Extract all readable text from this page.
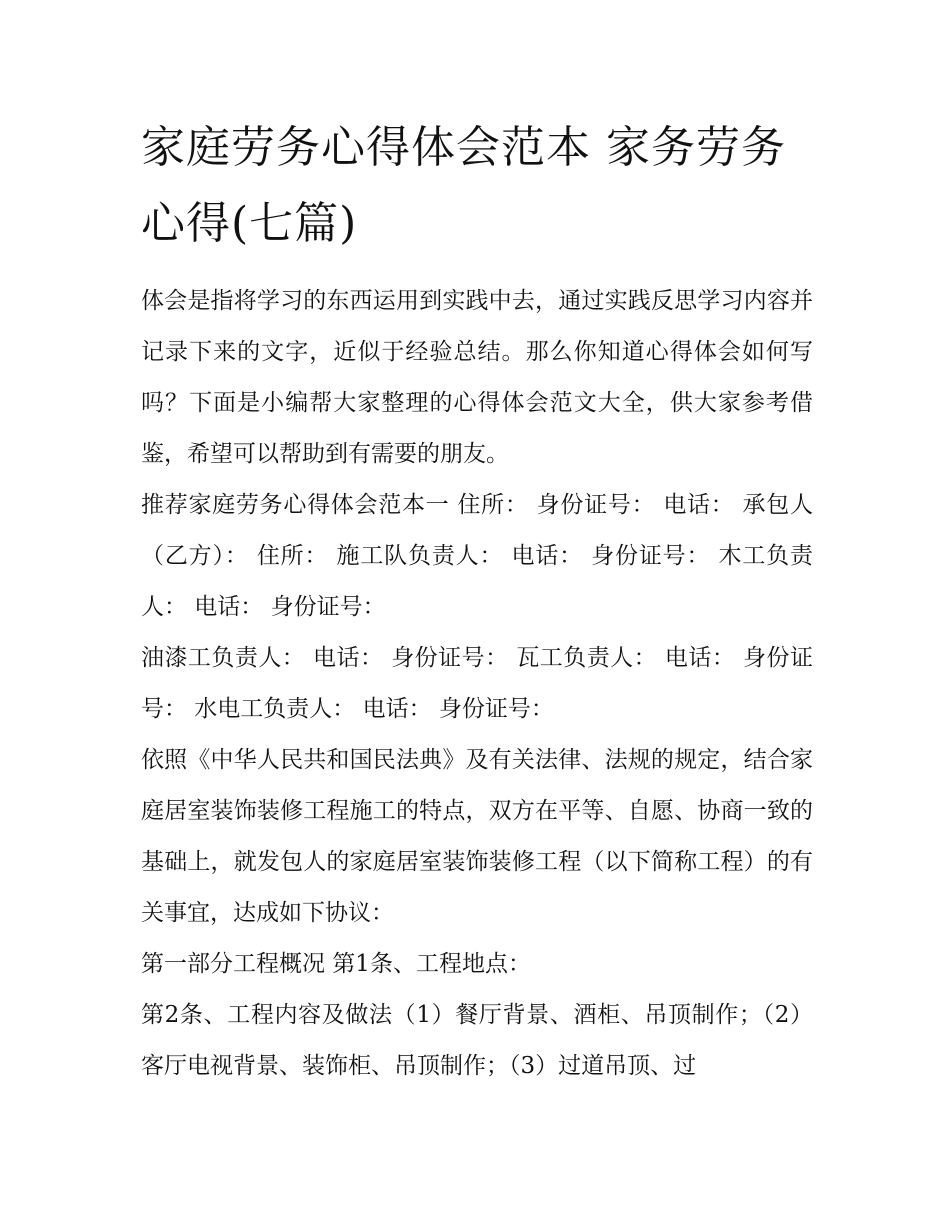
家庭劳务心得体会范本 家务劳务心得(七篇)

体会是指将学习的东西运用到实践中去，通过实践反思学习内容并记录下来的文字，近似于经验总结。那么你知道心得体会如何写吗？下面是小编帮大家整理的心得体会范文大全，供大家参考借鉴，希望可以帮助到有需要的朋友。

推荐家庭劳务心得体会范本一 住所： 身份证号： 电话： 承包人（乙方）： 住所： 施工队负责人： 电话： 身份证号： 木工负责人： 电话： 身份证号：

油漆工负责人： 电话： 身份证号： 瓦工负责人： 电话： 身份证号： 水电工负责人： 电话： 身份证号：

依照《中华人民共和国民法典》及有关法律、法规的规定，结合家庭居室装饰装修工程施工的特点，双方在平等、自愿、协商一致的基础上，就发包人的家庭居室装饰装修工程（以下简称工程）的有关事宜，达成如下协议：

第一部分工程概况 第1条、工程地点：

第2条、工程内容及做法（1）餐厅背景、酒柜、吊顶制作；（2）客厅电视背景、装饰柜、吊顶制作；（3）过道吊顶、过
